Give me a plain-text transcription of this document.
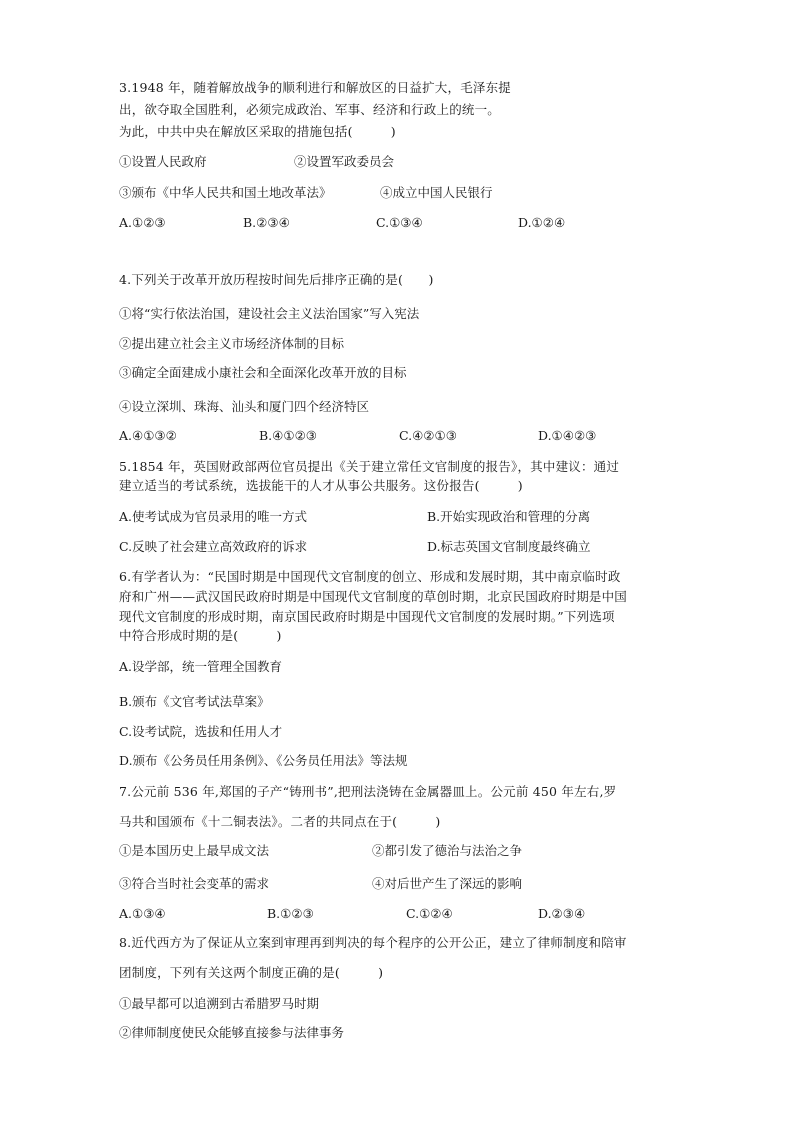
3.1948 年，随着解放战争的顺利进行和解放区的日益扩大，毛泽东提
出，欲夺取全国胜利，必须完成政治、军事、经济和行政上的统一。
为此，中共中央在解放区采取的措施包括(　　　)
①设置人民政府	②设置军政委员会
③颁布《中华人民共和国土地改革法》	④成立中国人民银行
A.①②③	B.②③④	C.①③④	D.①②④
4.下列关于改革开放历程按时间先后排序正确的是(　　)
①将“实行依法治国，建设社会主义法治国家”写入宪法
②提出建立社会主义市场经济体制的目标
③确定全面建成小康社会和全面深化改革开放的目标
④设立深圳、珠海、汕头和厦门四个经济特区
A.④①③②	B.④①②③	C.④②①③	D.①④②③
5.1854 年，英国财政部两位官员提出《关于建立常任文官制度的报告》，其中建议：通过
建立适当的考试系统，选拔能干的人才从事公共服务。这份报告(　　　)
A.使考试成为官员录用的唯一方式	B.开始实现政治和管理的分离
C.反映了社会建立高效政府的诉求	D.标志英国文官制度最终确立
6.有学者认为：“民国时期是中国现代文官制度的创立、形成和发展时期，其中南京临时政
府和广州——武汉国民政府时期是中国现代文官制度的草创时期，北京民国政府时期是中国
现代文官制度的形成时期，南京国民政府时期是中国现代文官制度的发展时期。”下列选项
中符合形成时期的是(　　　)
A.设学部，统一管理全国教育
B.颁布《文官考试法草案》
C.设考试院，选拔和任用人才
D.颁布《公务员任用条例》、《公务员任用法》等法规
7.公元前 536 年,郑国的子产“铸刑书”,把刑法浇铸在金属器皿上。公元前 450 年左右,罗
马共和国颁布《十二铜表法》。二者的共同点在于(　　　)
①是本国历史上最早成文法	②都引发了德治与法治之争
③符合当时社会变革的需求	④对后世产生了深远的影响
A.①③④	B.①②③	C.①②④	D.②③④
8.近代西方为了保证从立案到审理再到判决的每个程序的公开公正，建立了律师制度和陪审
团制度，下列有关这两个制度正确的是(　　　)
①最早都可以追溯到古希腊罗马时期
②律师制度使民众能够直接参与法律事务
